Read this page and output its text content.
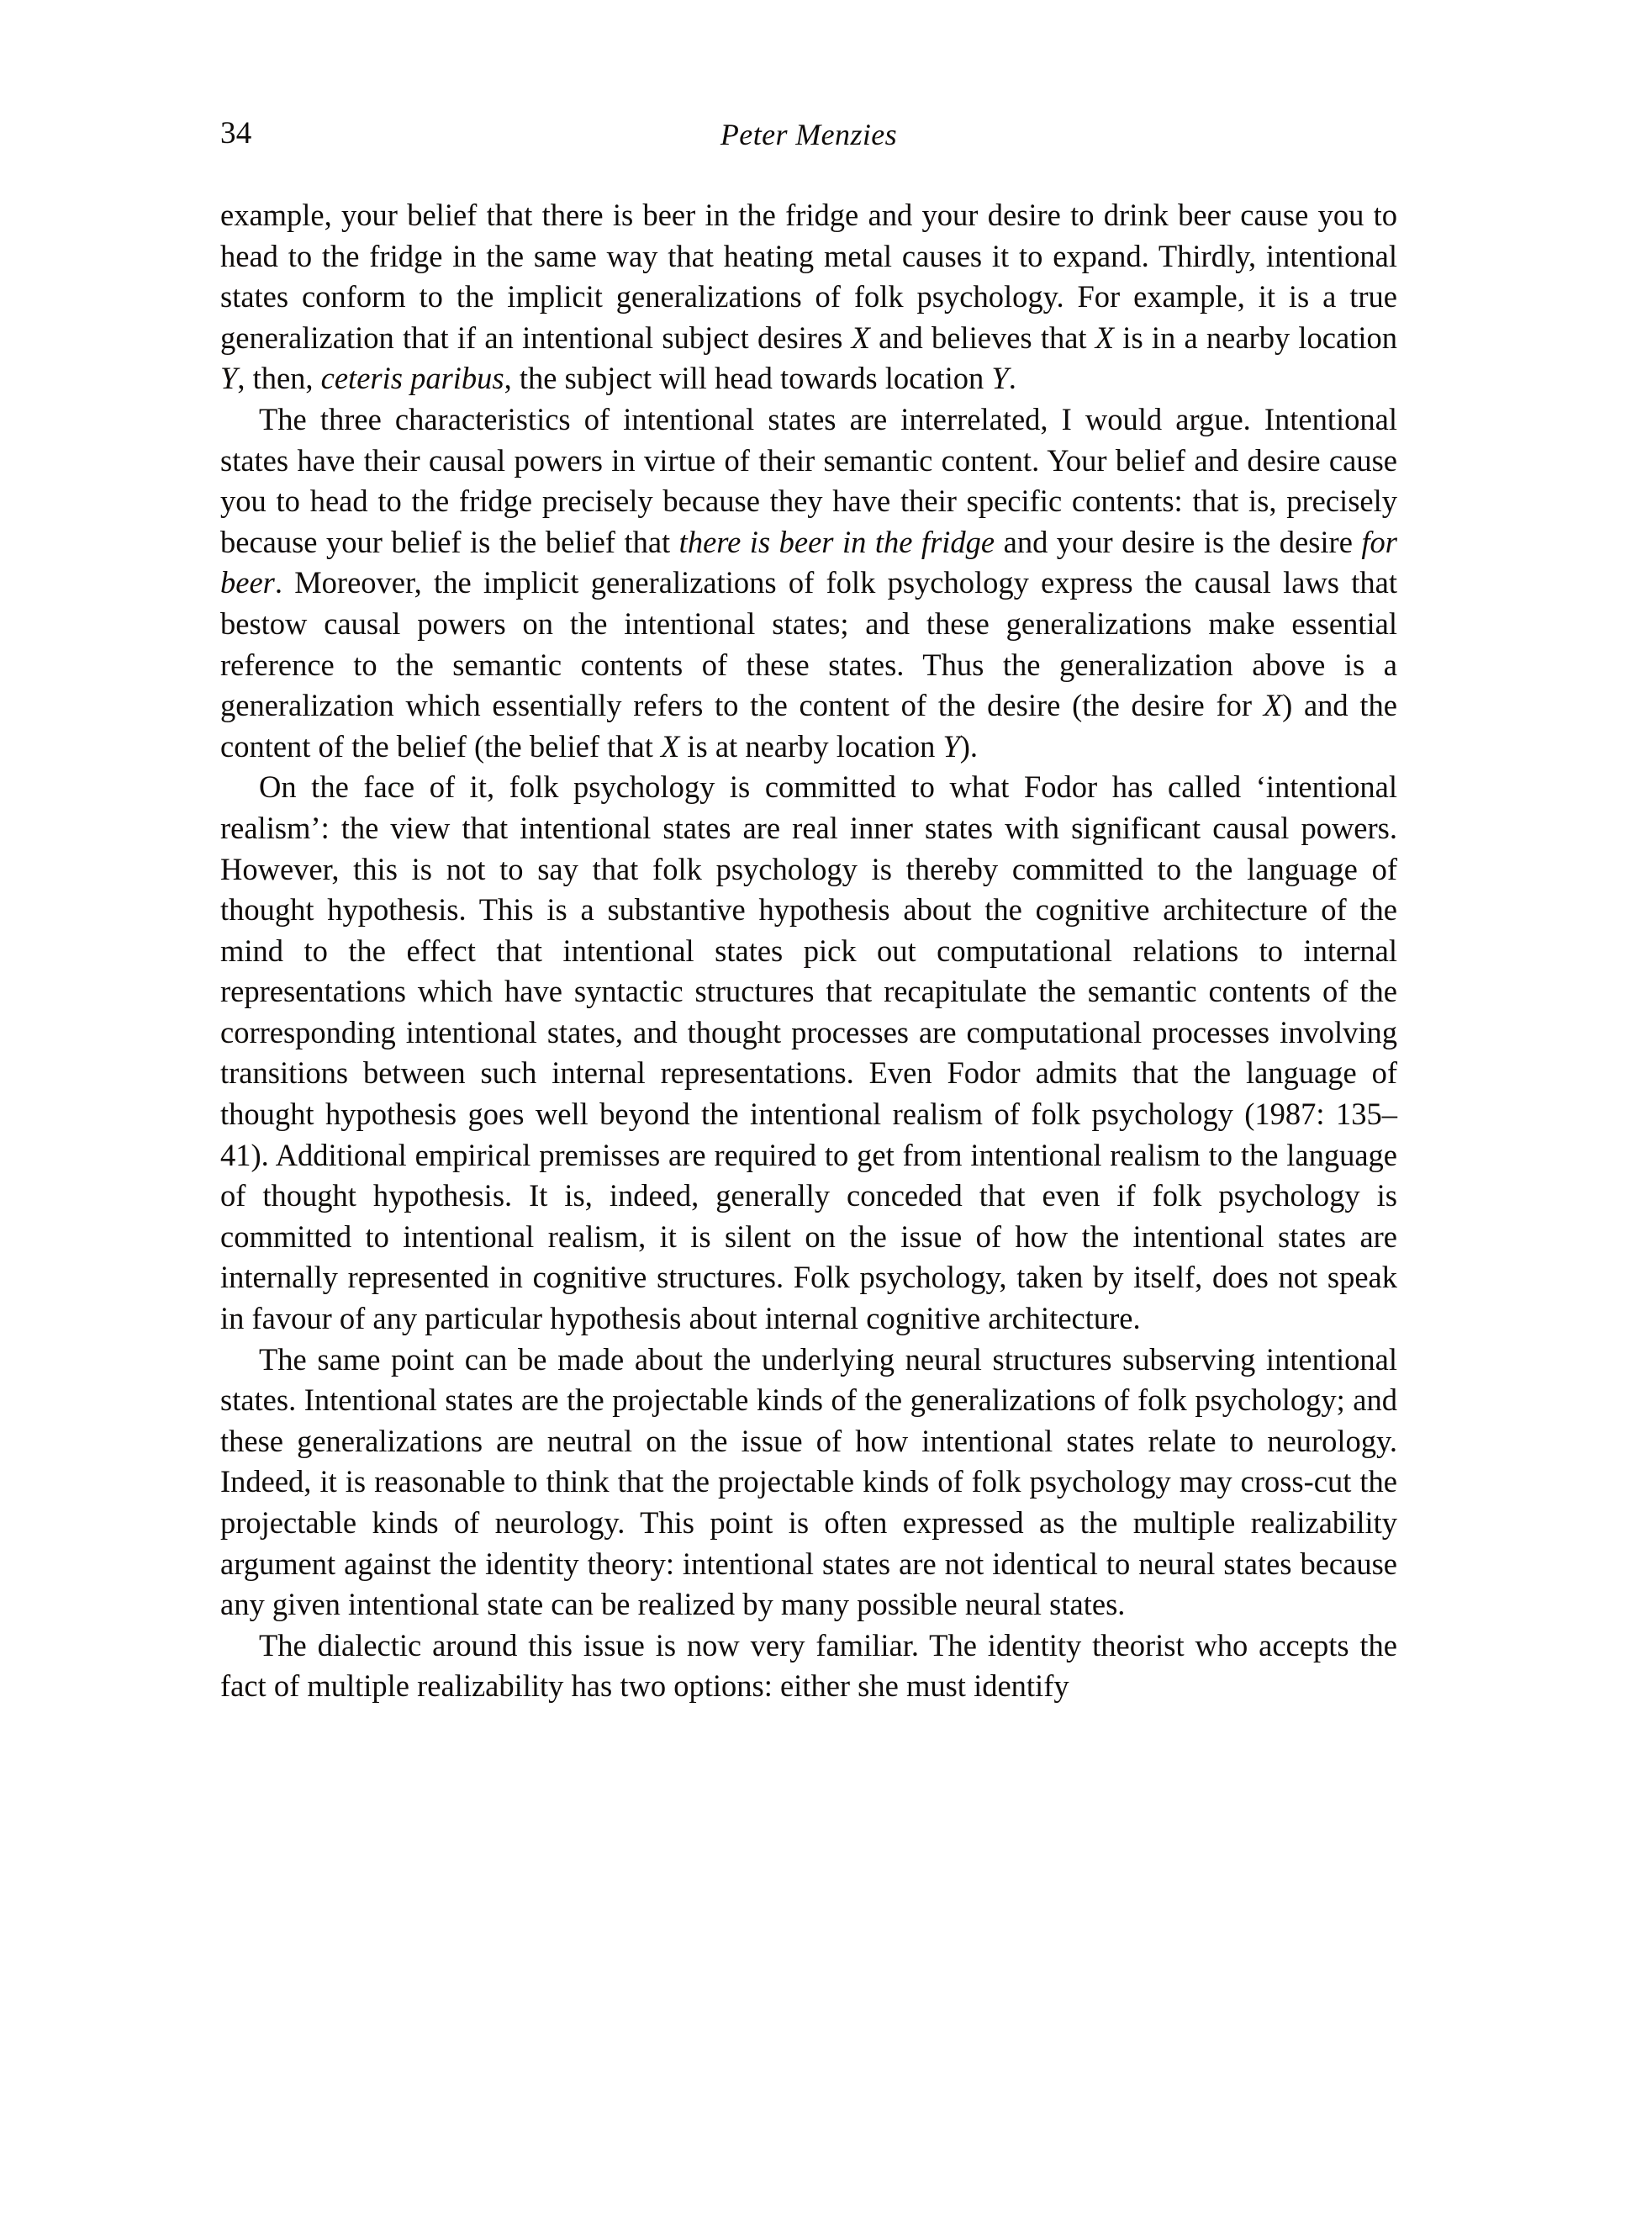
34	Peter Menzies

example, your belief that there is beer in the fridge and your desire to drink beer cause you to head to the fridge in the same way that heating metal causes it to expand. Thirdly, intentional states conform to the implicit generalizations of folk psychology. For example, it is a true generalization that if an intentional subject desires X and believes that X is in a nearby location Y, then, ceteris paribus, the subject will head towards location Y.

The three characteristics of intentional states are interrelated, I would argue. Intentional states have their causal powers in virtue of their semantic content. Your belief and desire cause you to head to the fridge precisely because they have their specific contents: that is, precisely because your belief is the belief that there is beer in the fridge and your desire is the desire for beer. Moreover, the implicit generalizations of folk psychology express the causal laws that bestow causal powers on the intentional states; and these generalizations make essential reference to the semantic contents of these states. Thus the generalization above is a generalization which essentially refers to the content of the desire (the desire for X) and the content of the belief (the belief that X is at nearby location Y).

On the face of it, folk psychology is committed to what Fodor has called ‘intentional realism’: the view that intentional states are real inner states with significant causal powers. However, this is not to say that folk psychology is thereby committed to the language of thought hypothesis. This is a substantive hypothesis about the cognitive architecture of the mind to the effect that intentional states pick out computational relations to internal representations which have syntactic structures that recapitulate the semantic contents of the corresponding intentional states, and thought processes are computational processes involving transitions between such internal representations. Even Fodor admits that the language of thought hypothesis goes well beyond the intentional realism of folk psychology (1987: 135–41). Additional empirical premisses are required to get from intentional realism to the language of thought hypothesis. It is, indeed, generally conceded that even if folk psychology is committed to intentional realism, it is silent on the issue of how the intentional states are internally represented in cognitive structures. Folk psychology, taken by itself, does not speak in favour of any particular hypothesis about internal cognitive architecture.

The same point can be made about the underlying neural structures subserving intentional states. Intentional states are the projectable kinds of the generalizations of folk psychology; and these generalizations are neutral on the issue of how intentional states relate to neurology. Indeed, it is reasonable to think that the projectable kinds of folk psychology may cross-cut the projectable kinds of neurology. This point is often expressed as the multiple realizability argument against the identity theory: intentional states are not identical to neural states because any given intentional state can be realized by many possible neural states.

The dialectic around this issue is now very familiar. The identity theorist who accepts the fact of multiple realizability has two options: either she must identify
